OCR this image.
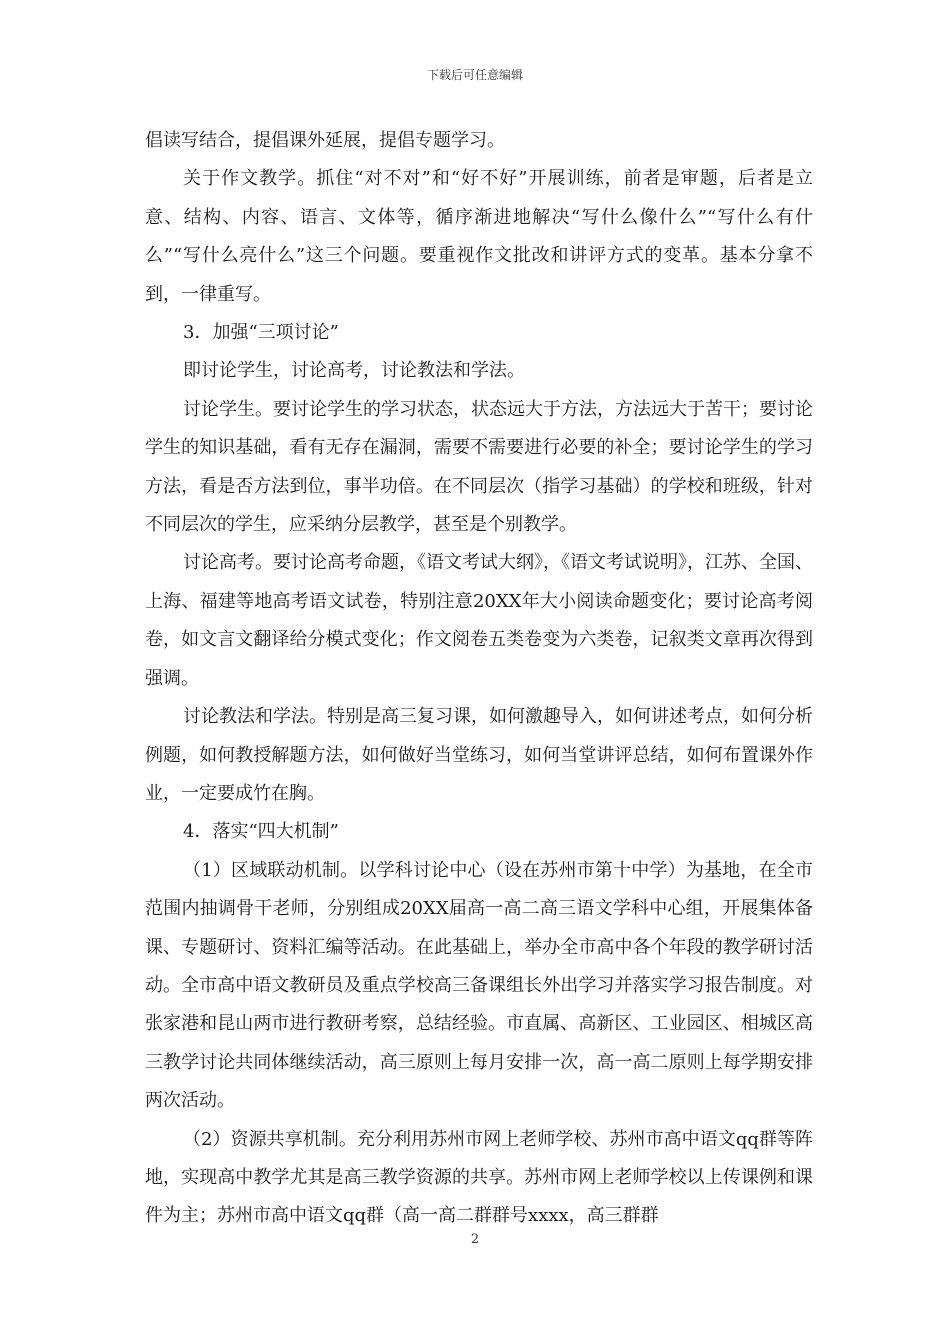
下载后可任意编辑

倡读写结合，提倡课外延展，提倡专题学习。

关于作文教学。抓住“对不对”和“好不好”开展训练，前者是审题，后者是立意、结构、内容、语言、文体等，循序渐进地解决“写什么像什么”“写什么有什么”“写什么亮什么”这三个问题。要重视作文批改和讲评方式的变革。基本分拿不到，一律重写。

3．加强“三项讨论”

即讨论学生，讨论高考，讨论教法和学法。

讨论学生。要讨论学生的学习状态，状态远大于方法，方法远大于苦干；要讨论学生的知识基础，看有无存在漏洞，需要不需要进行必要的补全；要讨论学生的学习方法，看是否方法到位，事半功倍。在不同层次（指学习基础）的学校和班级，针对不同层次的学生，应采纳分层教学，甚至是个别教学。

讨论高考。要讨论高考命题，《语文考试大纲》，《语文考试说明》，江苏、全国、上海、福建等地高考语文试卷，特别注意20XX年大小阅读命题变化；要讨论高考阅卷，如文言文翻译给分模式变化；作文阅卷五类卷变为六类卷，记叙类文章再次得到强调。

讨论教法和学法。特别是高三复习课，如何激趣导入，如何讲述考点，如何分析例题，如何教授解题方法，如何做好当堂练习，如何当堂讲评总结，如何布置课外作业，一定要成竹在胸。

4．落实“四大机制”

（1）区域联动机制。以学科讨论中心（设在苏州市第十中学）为基地，在全市范围内抽调骨干老师，分别组成20XX届高一高二高三语文学科中心组，开展集体备课、专题研讨、资料汇编等活动。在此基础上，举办全市高中各个年段的教学研讨活动。全市高中语文教研员及重点学校高三备课组长外出学习并落实学习报告制度。对张家港和昆山两市进行教研考察，总结经验。市直属、高新区、工业园区、相城区高三教学讨论共同体继续活动，高三原则上每月安排一次，高一高二原则上每学期安排两次活动。

（2）资源共享机制。充分利用苏州市网上老师学校、苏州市高中语文qq群等阵地，实现高中教学尤其是高三教学资源的共享。苏州市网上老师学校以上传课例和课件为主；苏州市高中语文qq群（高一高二群群号xxxx，高三群群

2
